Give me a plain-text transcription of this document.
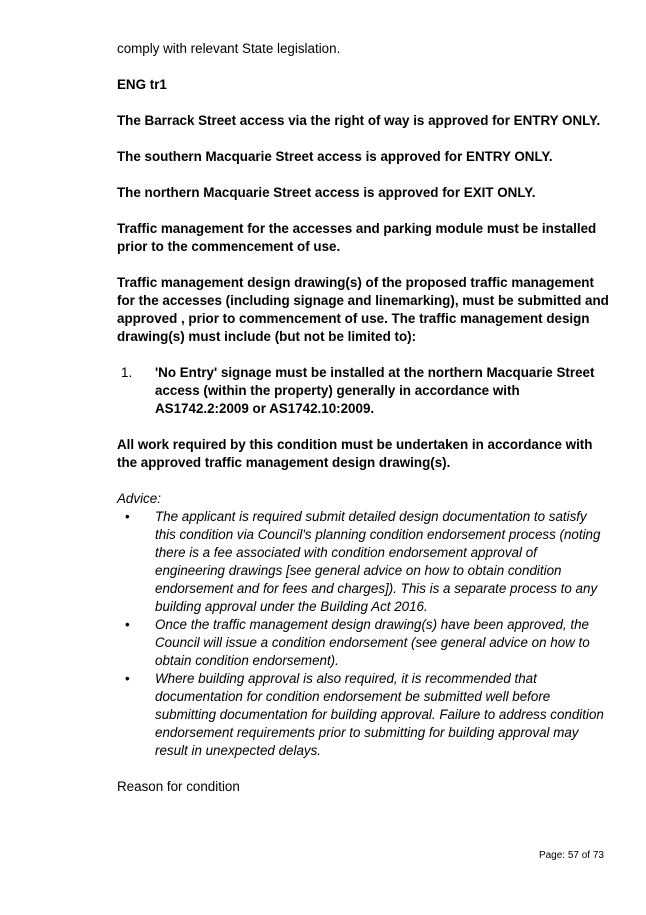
comply with relevant State legislation.

ENG tr1

The Barrack Street access via the right of way is approved for ENTRY ONLY.

The southern Macquarie Street access is approved for ENTRY ONLY.

The northern Macquarie Street access is approved for EXIT ONLY.

Traffic management for the accesses and parking module must be installed prior to the commencement of use.

Traffic management design drawing(s) of the proposed traffic management for the accesses (including signage and linemarking), must be submitted and approved , prior to commencement of use. The traffic management design drawing(s) must include (but not be limited to):

1.	'No Entry' signage must be installed at the northern Macquarie Street access (within the property) generally in accordance with AS1742.2:2009 or AS1742.10:2009.

All work required by this condition must be undertaken in accordance with the approved traffic management design drawing(s).

Advice:

•	The applicant is required submit detailed design documentation to satisfy this condition via Council's planning condition endorsement process (noting there is a fee associated with condition endorsement approval of engineering drawings [see general advice on how to obtain condition endorsement and for fees and charges]). This is a separate process to any building approval under the Building Act 2016.
•	Once the traffic management design drawing(s) have been approved, the Council will issue a condition endorsement (see general advice on how to obtain condition endorsement).
•	Where building approval is also required, it is recommended that documentation for condition endorsement be submitted well before submitting documentation for building approval. Failure to address condition endorsement requirements prior to submitting for building approval may result in unexpected delays.

Reason for condition

Page: 57 of 73
